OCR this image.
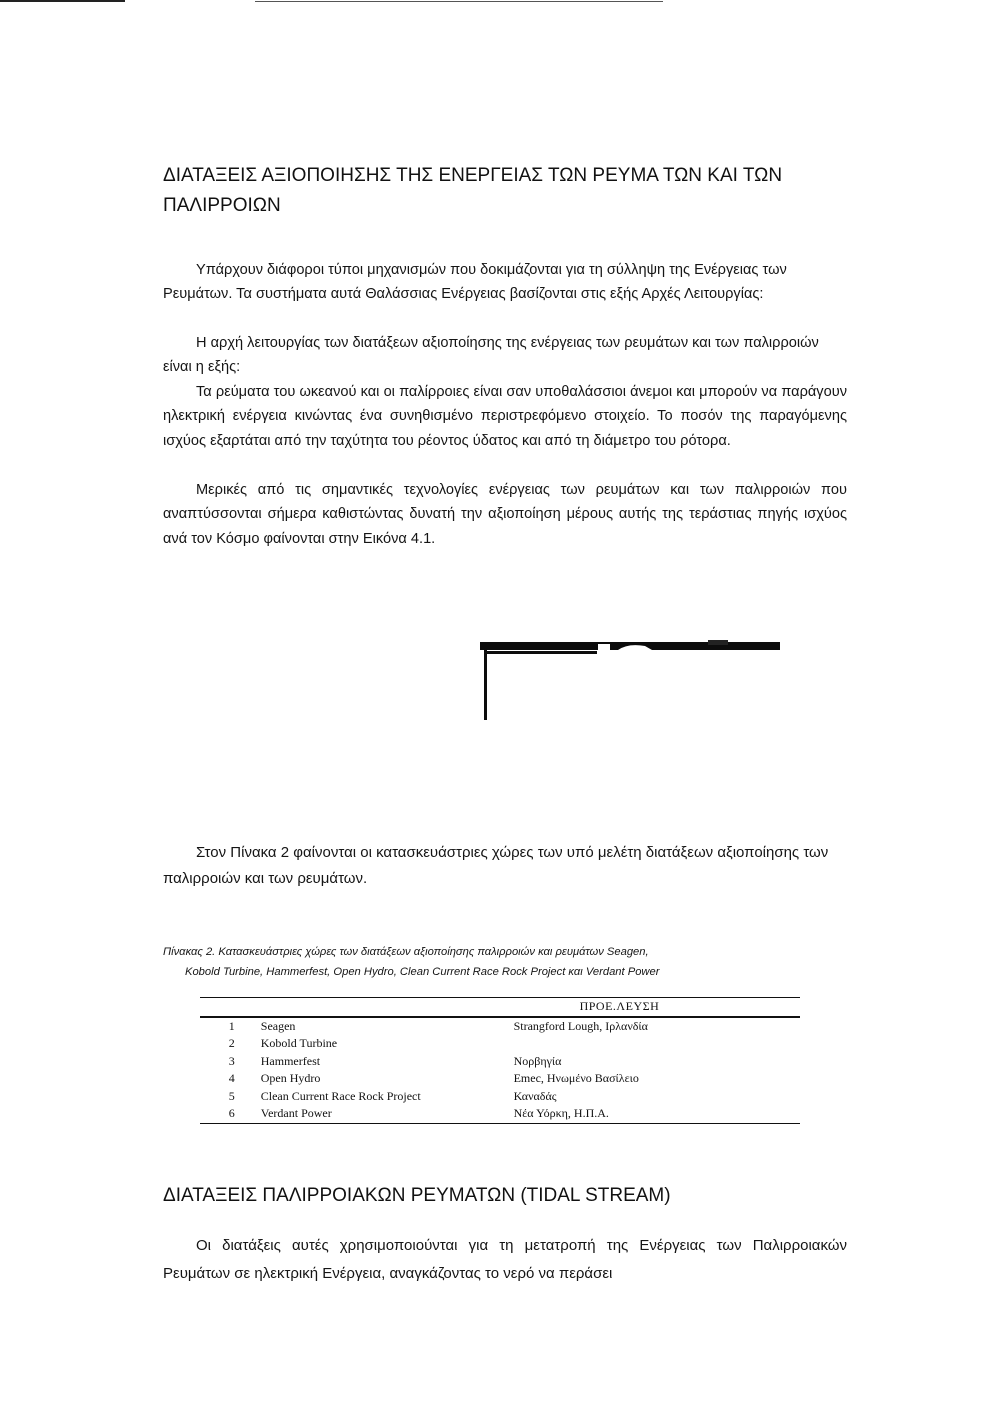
ΔΙΑΤΑΞΕΙΣ ΑΞΙΟΠΟΙΗΣΗΣ ΤΗΣ ΕΝΕΡΓΕΙΑΣ ΤΩΝ ΡΕΥΜΑ ΤΩΝ ΚΑΙ ΤΩΝ ΠΑΛΙΡΡΟΙΩΝ

Υπάρχουν διάφοροι τύποι μηχανισμών που δοκιμάζονται για τη σύλληψη της Ενέργειας των Ρευμάτων. Τα συστήματα αυτά Θαλάσσιας Ενέργειας βασίζονται στις εξής Αρχές Λειτουργίας:

Η αρχή λειτουργίας των διατάξεων αξιοποίησης της ενέργειας των ρευμάτων και των παλιρροιών είναι η εξής:

Τα ρεύματα του ωκεανού και οι παλίρροιες είναι σαν υποθαλάσσιοι άνεμοι και μπορούν να παράγουν ηλεκτρική ενέργεια κινώντας ένα συνηθισμένο περιστρεφόμενο στοιχείο. Το ποσόν της παραγόμενης ισχύος εξαρτάται από την ταχύτητα του ρέοντος ύδατος και από τη διάμετρο του ρότορα.

Μερικές από τις σημαντικές τεχνολογίες ενέργειας των ρευμάτων και των παλιρροιών που αναπτύσσονται σήμερα καθιστώντας δυνατή την αξιοποίηση μέρους αυτής της τεράστιας πηγής ισχύος ανά τον Κόσμο φαίνονται στην Εικόνα 4.1.

Στον Πίνακα 2 φαίνονται οι κατασκευάστριες χώρες των υπό μελέτη διατάξεων αξιοποίησης των παλιρροιών και των ρευμάτων.

Πίνακας 2. Κατασκευάστριες χώρες των διατάξεων αξιοποίησης παλιρροιών και ρευμάτων Seagen,
Kobold Turbine, Hammerfest, Open Hydro, Clean Current Race Rock Project και Verdant Power

		ΠΡΟΕ.ΛΕΥΣΗ
1	Seagen	Strangford Lough, Ιρλανδία
2	Kobold Turbine	
3	Hammerfest	Νορβηγία
4	Open Hydro	Emec, Ηνωμένο Βασίλειο
5	Clean Current Race Rock Project	Καναδάς
6	Verdant Power	Νέα Υόρκη, Η.Π.Α.
ΔΙΑΤΑΞΕΙΣ ΠΑΛΙΡΡΟΙΑΚΩΝ ΡΕΥΜΑΤΩΝ (TIDAL STREAM)

Οι διατάξεις αυτές χρησιμοποιούνται για τη μετατροπή της Ενέργειας των Παλιρροιακών Ρευμάτων σε ηλεκτρική Ενέργεια, αναγκάζοντας το νερό να περάσει
